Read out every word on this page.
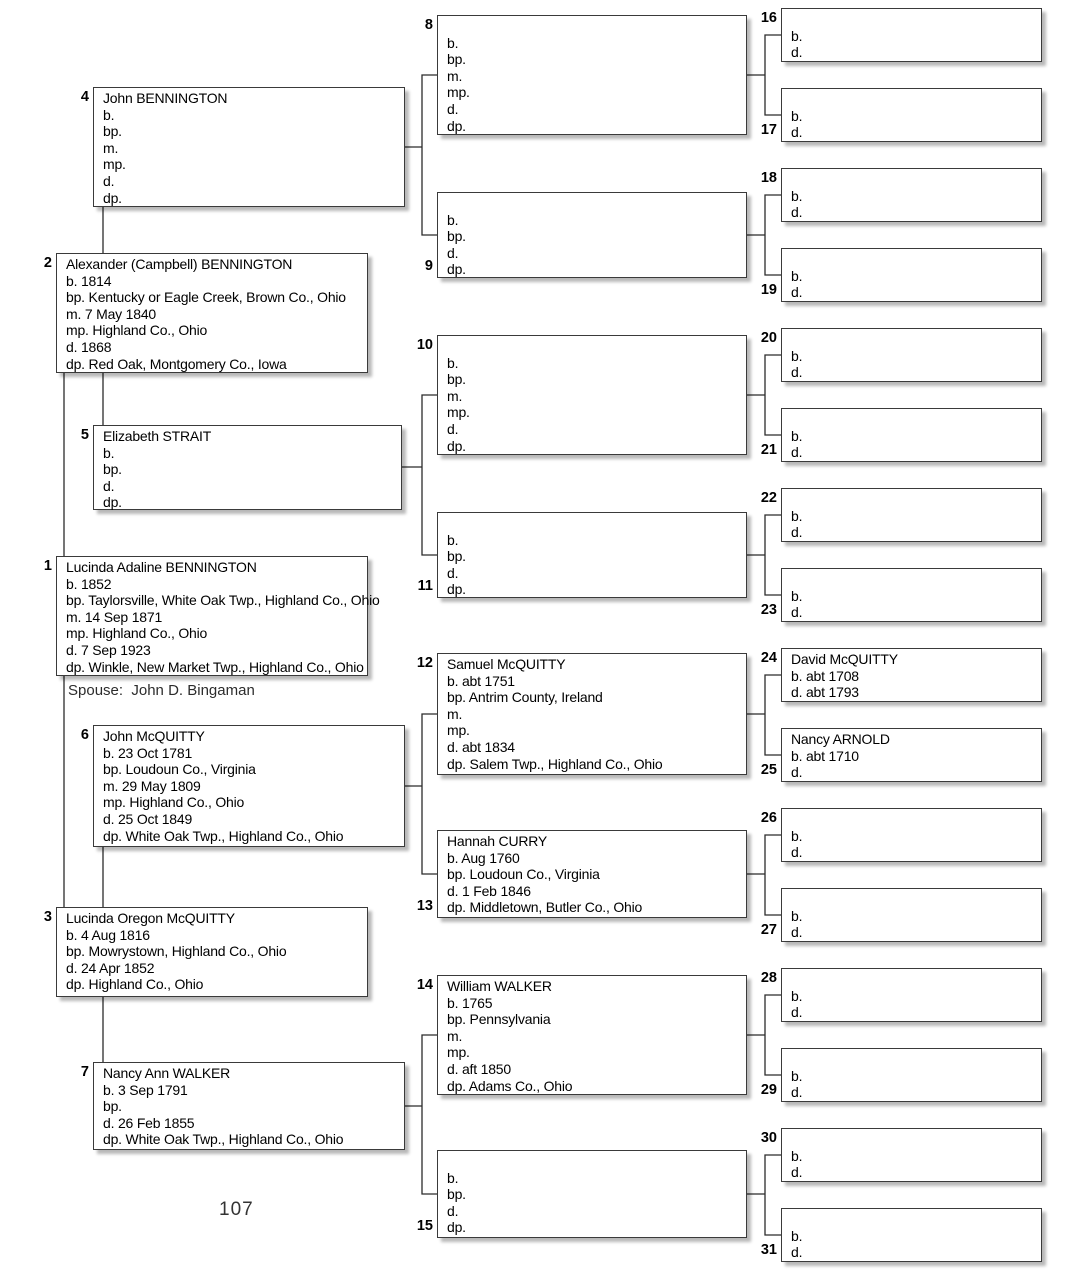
1 Lucinda Adaline BENNINGTON
b. 1852
bp. Taylorsville, White Oak Twp., Highland Co., Ohio
m. 14 Sep 1871
mp. Highland Co., Ohio
d. 7 Sep 1923
dp. Winkle, New Market Twp., Highland Co., Ohio
2 Alexander (Campbell) BENNINGTON
b. 1814
bp. Kentucky or Eagle Creek, Brown Co., Ohio
m. 7 May 1840
mp. Highland Co., Ohio
d. 1868
dp. Red Oak, Montgomery Co., Iowa
3 Lucinda Oregon McQUITTY
b. 4 Aug 1816
bp. Mowrystown, Highland Co., Ohio
d. 24 Apr 1852
dp. Highland Co., Ohio
4 John BENNINGTON
b.
bp.
m.
mp.
d.
dp.
5 Elizabeth STRAIT
b.
bp.
d.
dp.
6 John McQUITTY
b. 23 Oct 1781
bp. Loudoun Co., Virginia
m. 29 May 1809
mp. Highland Co., Ohio
d. 25 Oct 1849
dp. White Oak Twp., Highland Co., Ohio
7 Nancy Ann WALKER
b. 3 Sep 1791
bp.
d. 26 Feb 1855
dp. White Oak Twp., Highland Co., Ohio
8
b.
bp.
m.
mp.
d.
dp.
9
b.
bp.
d.
dp.
10
b.
bp.
m.
mp.
d.
dp.
11
b.
bp.
d.
dp.
12 Samuel McQUITTY
b. abt 1751
bp. Antrim County, Ireland
m.
mp.
d. abt 1834
dp. Salem Twp., Highland Co., Ohio
13
Hannah CURRY
b. Aug 1760
bp. Loudoun Co., Virginia
d. 1 Feb 1846
dp. Middletown, Butler Co., Ohio
14 William WALKER
b. 1765
bp. Pennsylvania
m.
mp.
d. aft 1850
dp. Adams Co., Ohio
15
b.
bp.
d.
dp.
16
b.
d.
17
b.
d.
18
b.
d.
19
b.
d.
20
b.
d.
21
b.
d.
22
b.
d.
23
b.
d.
24 David McQUITTY
b. abt 1708
d. abt 1793
25
Nancy ARNOLD
b. abt 1710
d.
26
b.
d.
27
b.
d.
28
b.
d.
29
b.
d.
30
b.
d.
31
b.
d.
Spouse:  John D. Bingaman
107
